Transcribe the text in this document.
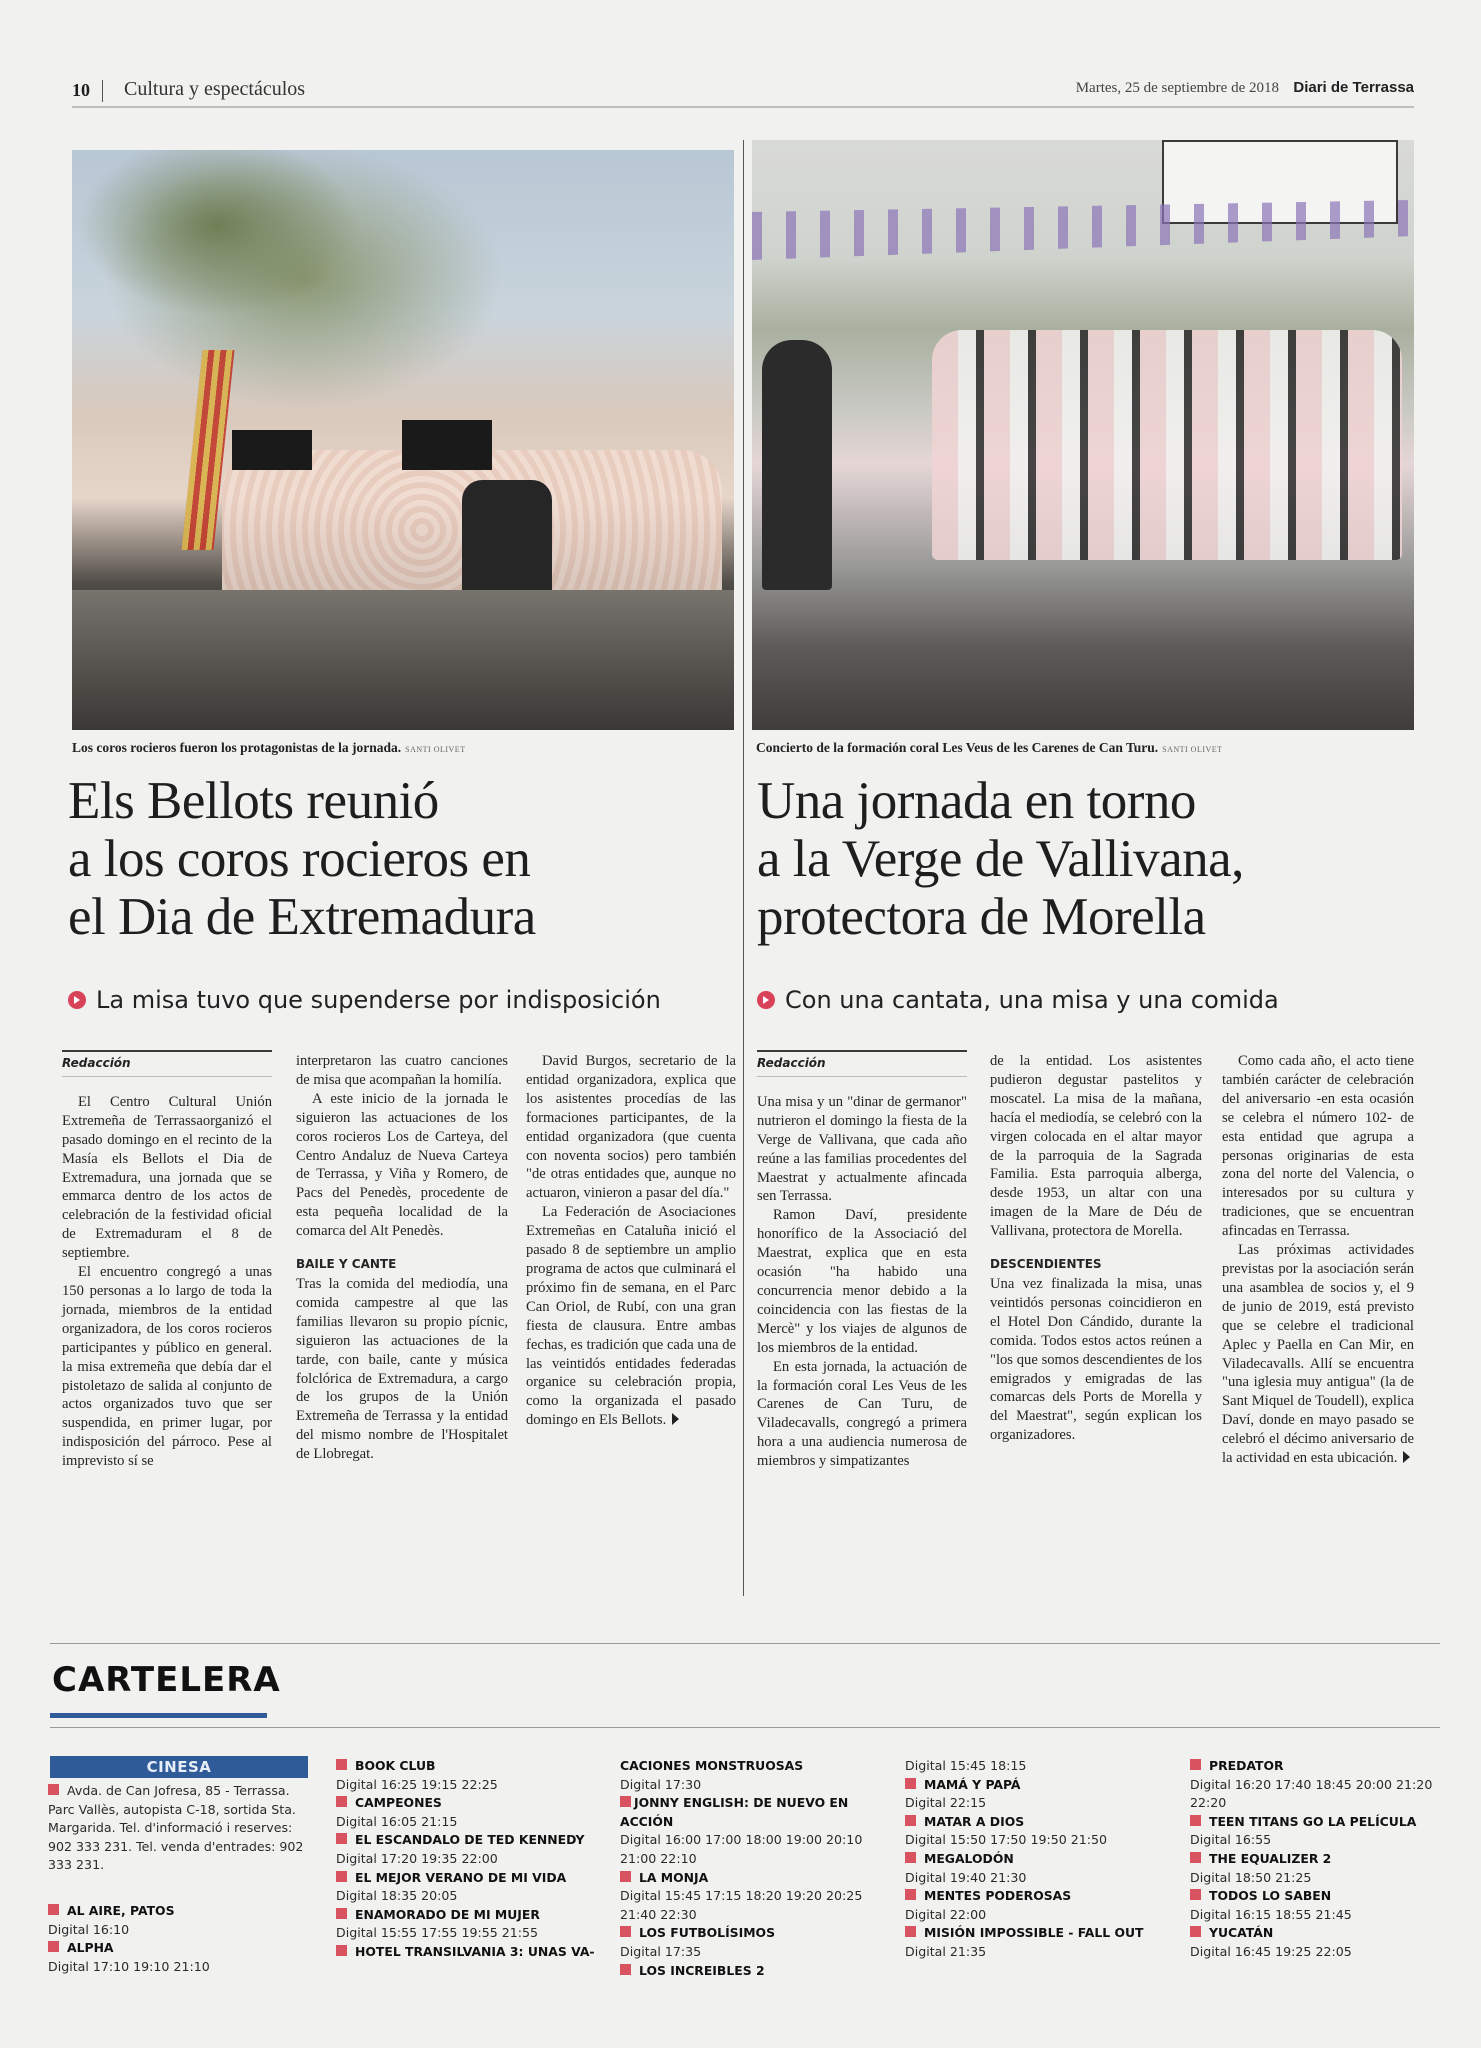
10 Cultura y espectáculos	Martes, 25 de septiembre de 2018 Diari de Terrassa
Los coros rocieros fueron los protagonistas de la jornada. SANTI OLIVET	Concierto de la formación coral Les Veus de les Carenes de Can Turu. SANTI OLIVET
Els Bellots reunió
a los coros rocieros en
el Dia de Extremadura
La misa tuvo que supenderse por indisposición
Una jornada en torno
a la Verge de Vallivana,
protectora de Morella
Con una cantata, una misa y una comida
Redacción

El Centro Cultural Unión Extremeña de Terrassaorganizó el pasado domingo en el recinto de la Masía els Bellots el Dia de Extremadura, una jornada que se emmarca dentro de los actos de celebración de la festividad oficial de Extremaduram el 8 de septiembre.

El encuentro congregó a unas 150 personas a lo largo de toda la jornada, miembros de la entidad organizadora, de los coros rocieros participantes y público en general. la misa extremeña que debía dar el pistoletazo de salida al conjunto de actos organizados tuvo que ser suspendida, en primer lugar, por indisposición del párroco. Pese al imprevisto sí se

interpretaron las cuatro canciones de misa que acompañan la homilía.

A este inicio de la jornada le siguieron las actuaciones de los coros rocieros Los de Carteya, del Centro Andaluz de Nueva Carteya de Terrassa, y Viña y Romero, de Pacs del Penedès, procedente de esta pequeña localidad de la comarca del Alt Penedès.

BAILE Y CANTE

Tras la comida del mediodía, una comida campestre al que las familias llevaron su propio pícnic, siguieron las actuaciones de la tarde, con baile, cante y música folclórica de Extremadura, a cargo de los grupos de la Unión Extremeña de Terrassa y la entidad del mismo nombre de l'Hospitalet de Llobregat.

David Burgos, secretario de la entidad organizadora, explica que los asistentes procedías de las formaciones participantes, de la entidad organizadora (que cuenta con noventa socios) pero también "de otras entidades que, aunque no actuaron, vinieron a pasar del día."

La Federación de Asociaciones Extremeñas en Cataluña inició el pasado 8 de septiembre un amplio programa de actos que culminará el próximo fin de semana, en el Parc Can Oriol, de Rubí, con una gran fiesta de clausura. Entre ambas fechas, es tradición que cada una de las veintidós entidades federadas organice su celebración propia, como la organizada el pasado domingo en Els Bellots.

Redacción

Una misa y un "dinar de germanor" nutrieron el domingo la fiesta de la Verge de Vallivana, que cada año reúne a las familias procedentes del Maestrat y actualmente afincada sen Terrassa.

Ramon Daví, presidente honorífico de la Associació del Maestrat, explica que en esta ocasión "ha habido una concurrencia menor debido a la coincidencia con las fiestas de la Mercè" y los viajes de algunos de los miembros de la entidad.

En esta jornada, la actuación de la formación coral Les Veus de les Carenes de Can Turu, de Viladecavalls, congregó a primera hora a una audiencia numerosa de miembros y simpatizantes

de la entidad. Los asistentes pudieron degustar pastelitos y moscatel. La misa de la mañana, hacía el mediodía, se celebró con la virgen colocada en el altar mayor de la parroquia de la Sagrada Familia. Esta parroquia alberga, desde 1953, un altar con una imagen de la Mare de Déu de Vallivana, protectora de Morella.

DESCENDIENTES

Una vez finalizada la misa, unas veintidós personas coincidieron en el Hotel Don Cándido, durante la comida. Todos estos actos reúnen a "los que somos descendientes de los emigrados y emigradas de las comarcas dels Ports de Morella y del Maestrat", según explican los organizadores.

Como cada año, el acto tiene también carácter de celebración del aniversario -en esta ocasión se celebra el número 102- de esta entidad que agrupa a personas originarias de esta zona del norte del Valencia, o interesados por su cultura y tradiciones, que se encuentran afincadas en Terrassa.

Las próximas actividades previstas por la asociación serán una asamblea de socios y, el 9 de junio de 2019, está previsto que se celebre el tradicional Aplec y Paella en Can Mir, en Viladecavalls. Allí se encuentra "una iglesia muy antigua" (la de Sant Miquel de Toudell), explica Daví, donde en mayo pasado se celebró el décimo aniversario de la actividad en esta ubicación.

CARTELERA
CINESA
Avda. de Can Jofresa, 85 - Terrassa. Parc Vallès, autopista C-18, sortida Sta. Margarida. Tel. d'informació i reserves: 902 333 231. Tel. venda d'entrades: 902 333 231.
AL AIRE, PATOS
Digital 16:10
ALPHA
Digital 17:10 19:10 21:10
BOOK CLUB
Digital 16:25 19:15 22:25
CAMPEONES
Digital 16:05 21:15
EL ESCANDALO DE TED KENNEDY
Digital 17:20 19:35 22:00
EL MEJOR VERANO DE MI VIDA
Digital 18:35 20:05
ENAMORADO DE MI MUJER
Digital 15:55 17:55 19:55 21:55
HOTEL TRANSILVANIA 3: UNAS VA-
CACIONES MONSTRUOSAS
Digital 17:30
JONNY ENGLISH: DE NUEVO EN ACCIÓN
Digital 16:00 17:00 18:00 19:00 20:10 21:00 22:10
LA MONJA
Digital 15:45 17:15 18:20 19:20 20:25 21:40 22:30
LOS FUTBOLÍSIMOS
Digital 17:35
LOS INCREIBLES 2
Digital 15:45 18:15
MAMÁ Y PAPÁ
Digital 22:15
MATAR A DIOS
Digital 15:50 17:50 19:50 21:50
MEGALODÓN
Digital 19:40 21:30
MENTES PODEROSAS
Digital 22:00
MISIÓN IMPOSSIBLE - FALL OUT
Digital 21:35
PREDATOR
Digital 16:20 17:40 18:45 20:00 21:20 22:20
TEEN TITANS GO LA PELÍCULA
Digital 16:55
THE EQUALIZER 2
Digital 18:50 21:25
TODOS LO SABEN
Digital 16:15 18:55 21:45
YUCATÁN
Digital 16:45 19:25 22:05
